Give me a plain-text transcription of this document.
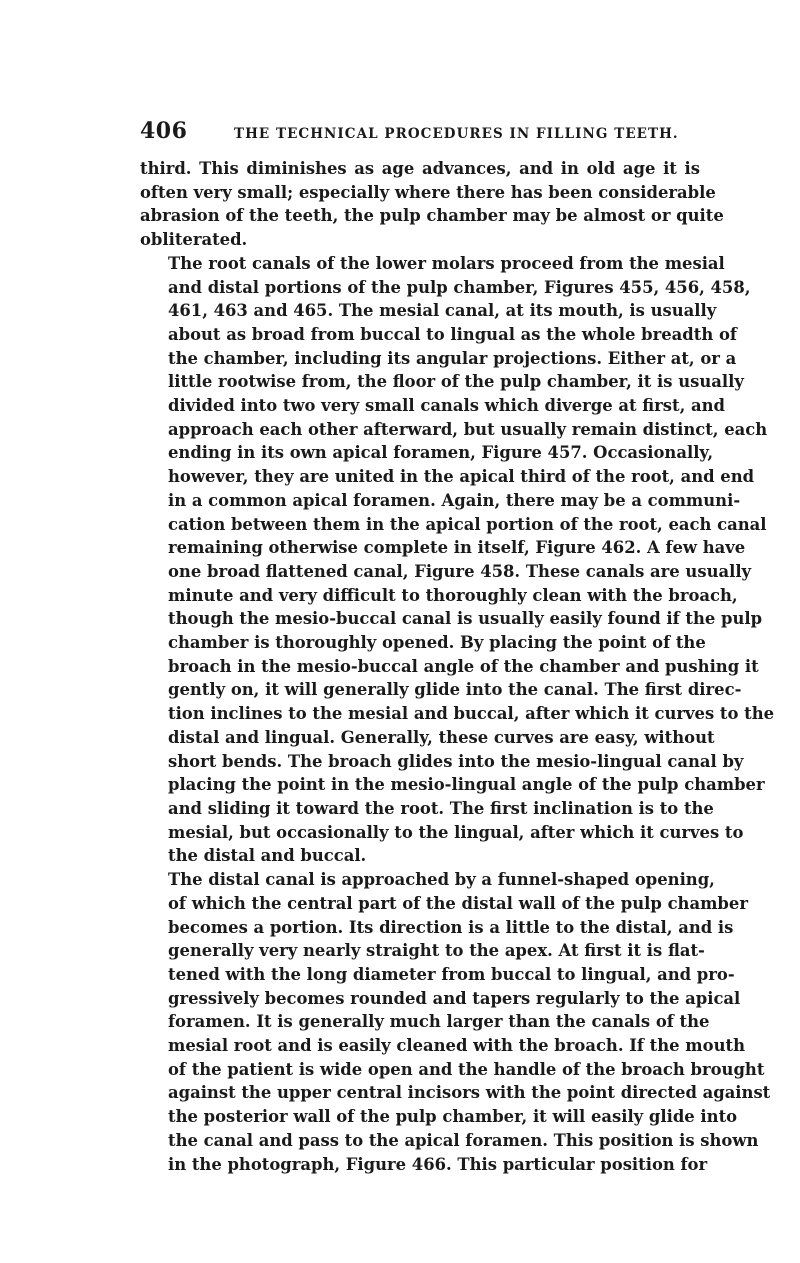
406	THE TECHNICAL PROCEDURES IN FILLING TEETH.

third. This diminishes as age advances, and in old age it is
often very small; especially where there has been considerable
abrasion of the teeth, the pulp chamber may be almost or quite
obliterated.

The root canals of the lower molars proceed from the mesial
and distal portions of the pulp chamber, Figures 455, 456, 458,
461, 463 and 465. The mesial canal, at its mouth, is usually
about as broad from buccal to lingual as the whole breadth of
the chamber, including its angular projections. Either at, or a
little rootwise from, the floor of the pulp chamber, it is usually
divided into two very small canals which diverge at first, and
approach each other afterward, but usually remain distinct, each
ending in its own apical foramen, Figure 457. Occasionally,
however, they are united in the apical third of the root, and end
in a common apical foramen. Again, there may be a communi-
cation between them in the apical portion of the root, each canal
remaining otherwise complete in itself, Figure 462. A few have
one broad flattened canal, Figure 458. These canals are usually
minute and very difficult to thoroughly clean with the broach,
though the mesio-buccal canal is usually easily found if the pulp
chamber is thoroughly opened. By placing the point of the
broach in the mesio-buccal angle of the chamber and pushing it
gently on, it will generally glide into the canal. The first direc-
tion inclines to the mesial and buccal, after which it curves to the
distal and lingual. Generally, these curves are easy, without
short bends. The broach glides into the mesio-lingual canal by
placing the point in the mesio-lingual angle of the pulp chamber
and sliding it toward the root. The first inclination is to the
mesial, but occasionally to the lingual, after which it curves to
the distal and buccal.

The distal canal is approached by a funnel-shaped opening,
of which the central part of the distal wall of the pulp chamber
becomes a portion. Its direction is a little to the distal, and is
generally very nearly straight to the apex. At first it is flat-
tened with the long diameter from buccal to lingual, and pro-
gressively becomes rounded and tapers regularly to the apical
foramen. It is generally much larger than the canals of the
mesial root and is easily cleaned with the broach. If the mouth
of the patient is wide open and the handle of the broach brought
against the upper central incisors with the point directed against
the posterior wall of the pulp chamber, it will easily glide into
the canal and pass to the apical foramen. This position is shown
in the photograph, Figure 466. This particular position for
